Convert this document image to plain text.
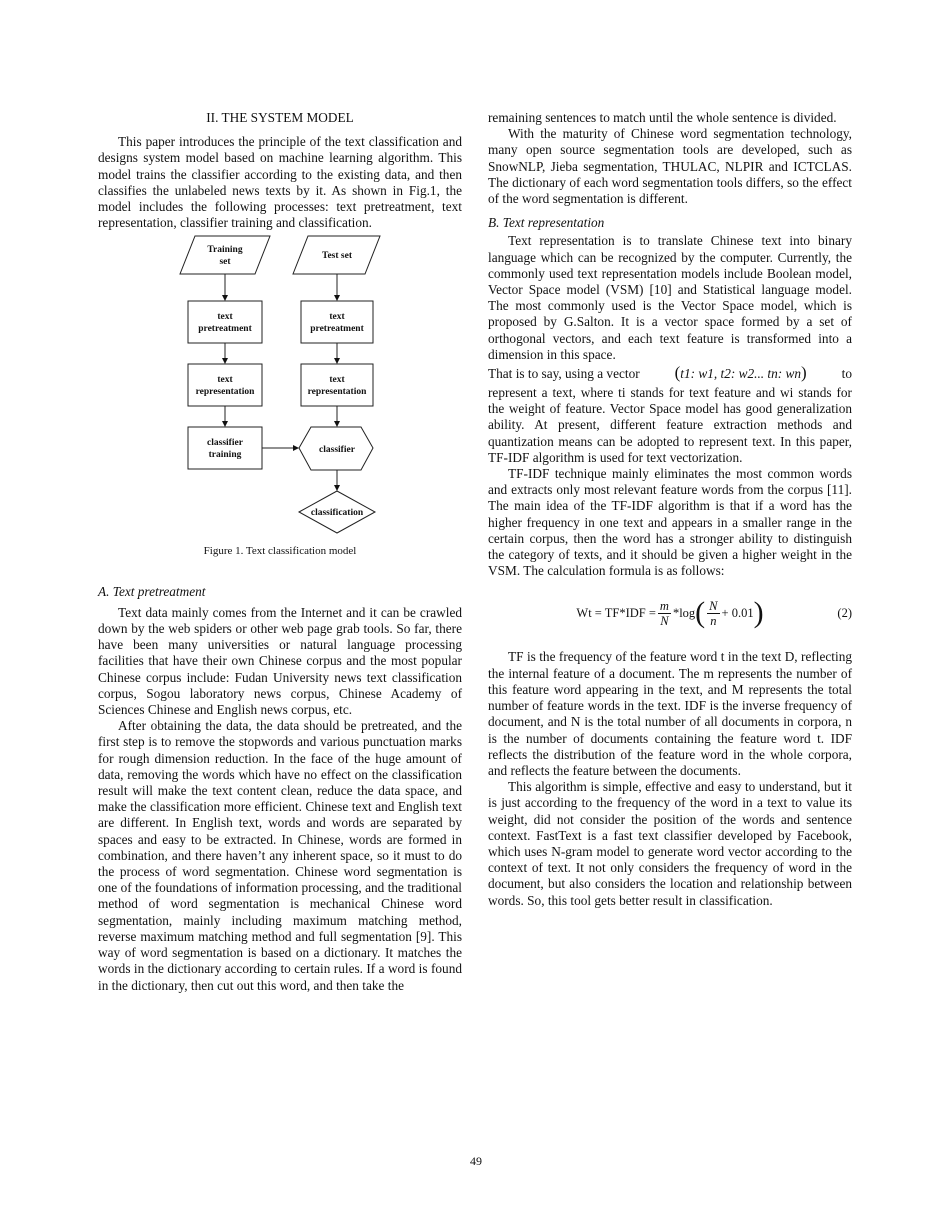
II. THE SYSTEM MODEL

This paper introduces the principle of the text classification and designs system model based on machine learning algorithm. This model trains the classifier according to the existing data, and then classifies the unlabeled news texts by it. As shown in Fig.1, the model includes the following processes: text pretreatment, text representation, classifier training and classification.

Training
set
Test set
text
pretreatment
text
pretreatment
text
representation
text
representation
classifier
training	classifier
classification
Figure 1. Text classification model
A. Text pretreatment

Text data mainly comes from the Internet and it can be crawled down by the web spiders or other web page grab tools. So far, there have been many universities or natural language processing facilities that have their own Chinese corpus and the most popular Chinese corpus include: Fudan University news text classification corpus, Sogou laboratory news corpus, Chinese Academy of Sciences Chinese and English news corpus, etc.

After obtaining the data, the data should be pretreated, and the first step is to remove the stopwords and various punctuation marks for rough dimension reduction. In the face of the huge amount of data, removing the words which have no effect on the classification result will make the text content clean, reduce the data space, and make the classification more efficient. Chinese text and English text are different. In English text, words and words are separated by spaces and easy to be extracted. In Chinese, words are formed in combination, and there haven’t any inherent space, so it must to do the process of word segmentation. Chinese word segmentation is one of the foundations of information processing, and the traditional method of word segmentation is mechanical Chinese word segmentation, mainly including maximum matching method, reverse maximum matching method and full segmentation [9]. This way of word segmentation is based on a dictionary. It matches the words in the dictionary according to certain rules. If a word is found in the dictionary, then cut out this word, and then take the

remaining sentences to match until the whole sentence is divided.

With the maturity of Chinese word segmentation technology, many open source segmentation tools are developed, such as SnowNLP, Jieba segmentation, THULAC, NLPIR and ICTCLAS. The dictionary of each word segmentation tools differs, so the effect of the word segmentation is different.

B. Text representation

Text representation is to translate Chinese text into binary language which can be recognized by the computer. Currently, the commonly used text representation models include Boolean model, Vector Space model (VSM) [10] and Statistical language model. The most commonly used is the Vector Space model, which is proposed by G.Salton. It is a vector space formed by a set of orthogonal vectors, and each text feature is transformed into a dimension in this space.

That is to say, using a vector (t1: w1, t2: w2... tn: wn)	to

represent a text, where ti stands for text feature and wi stands for the weight of feature. Vector Space model has good generalization ability. At present, different feature extraction methods and quantization means can be adopted to represent text. In this paper, TF-IDF algorithm is used for text vectorization.

TF-IDF technique mainly eliminates the most common words and extracts only most relevant feature words from the corpus [11]. The main idea of the TF-IDF algorithm is that if a word has the higher frequency in one text and appears in a smaller range in the certain corpus, then the word has a stronger ability to distinguish the category of texts, and it should be given a higher weight in the VSM. The calculation formula is as follows:

$Wt = TF*IDF = \frac{m}{N} *\log$ ( $\frac{N}{n} + 0.01$ )	(2)

TF is the frequency of the feature word t in the text D, reflecting the internal feature of a document. The m represents the number of this feature word appearing in the text, and M represents the total number of feature words in the text. IDF is the inverse frequency of document, and N is the total number of all documents in corpora, n is the number of documents containing the feature word t. IDF reflects the distribution of the feature word in the whole corpora, and reflects the feature between the documents.

This algorithm is simple, effective and easy to understand, but it is just according to the frequency of the word in a text to value its weight, did not consider the position of the words and sentence context. FastText is a fast text classifier developed by Facebook, which uses N-gram model to generate word vector according to the context of text. It not only considers the frequency of word in the document, but also considers the location and relationship between words. So, this tool gets better result in classification.

49
